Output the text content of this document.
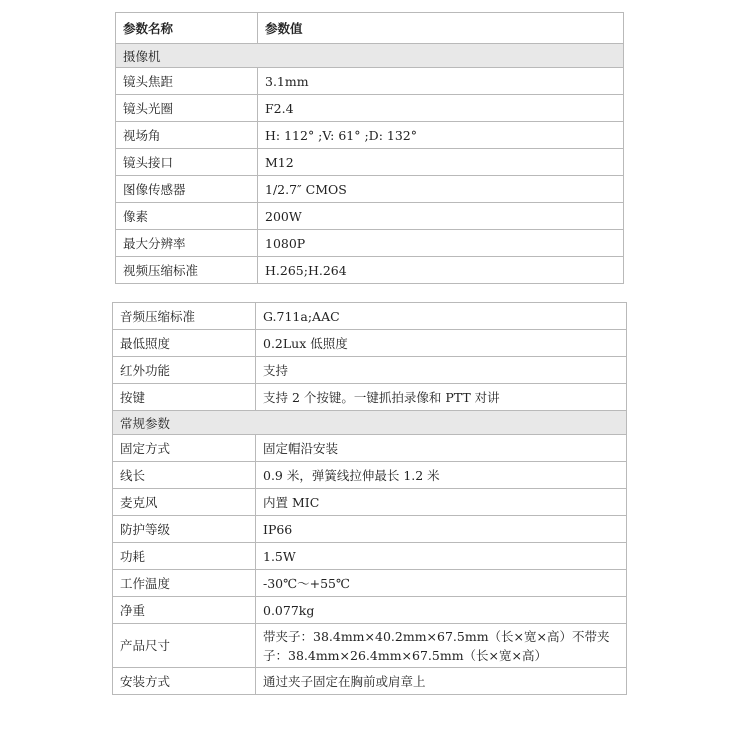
参数名称	参数值
摄像机	
镜头焦距	3.1mm
镜头光圈	F2.4
视场角	H: 112° ;V: 61° ;D: 132°
镜头接口	M12
图像传感器	1/2.7″ CMOS
像素	200W
最大分辨率	1080P
视频压缩标准	H.265;H.264
音频压缩标准	G.711a;AAC
最低照度	0.2Lux 低照度
红外功能	支持
按键	支持 2 个按键。一键抓拍录像和 PTT 对讲
常规参数	
固定方式	固定帽沿安装
线长	0.9 米，弹簧线拉伸最长 1.2 米
麦克风	内置 MIC
防护等级	IP66
功耗	1.5W
工作温度	-30℃～+55℃
净重	0.077kg
产品尺寸	带夹子：38.4mm×40.2mm×67.5mm（长×宽×高）不带夹子：38.4mm×26.4mm×67.5mm（长×宽×高）
安装方式	通过夹子固定在胸前或肩章上
